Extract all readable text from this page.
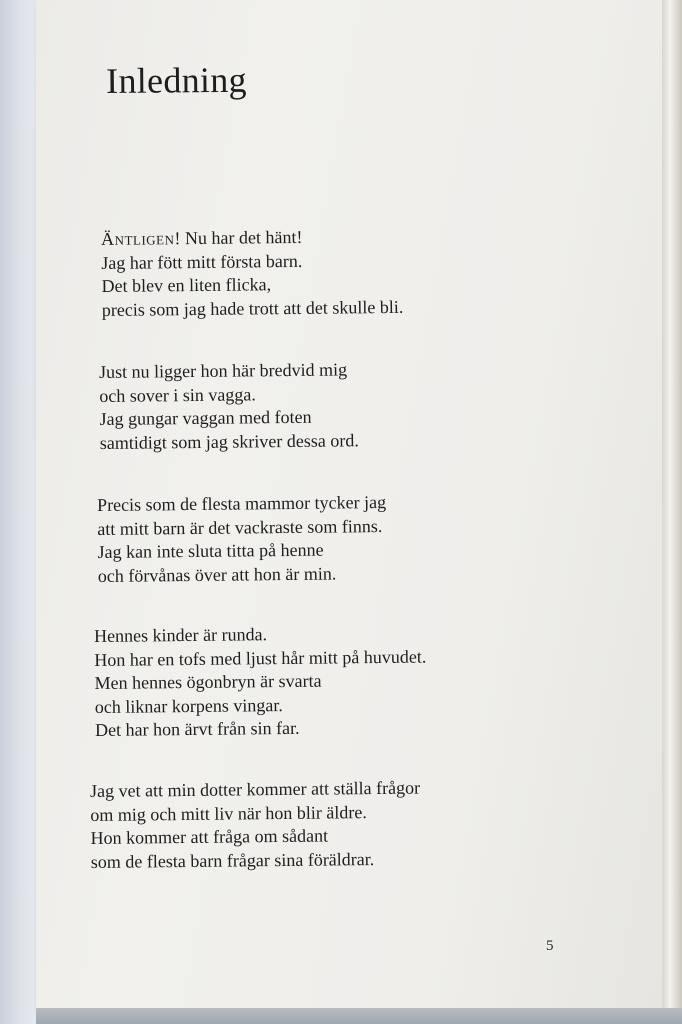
Inledning
Äntligen! Nu har det hänt!
Jag har fött mitt första barn.
Det blev en liten flicka,
precis som jag hade trott att det skulle bli.
Just nu ligger hon här bredvid mig
och sover i sin vagga.
Jag gungar vaggan med foten
samtidigt som jag skriver dessa ord.
Precis som de flesta mammor tycker jag
att mitt barn är det vackraste som finns.
Jag kan inte sluta titta på henne
och förvånas över att hon är min.
Hennes kinder är runda.
Hon har en tofs med ljust hår mitt på huvudet.
Men hennes ögonbryn är svarta
och liknar korpens vingar.
Det har hon ärvt från sin far.
Jag vet att min dotter kommer att ställa frågor
om mig och mitt liv när hon blir äldre.
Hon kommer att fråga om sådant
som de flesta barn frågar sina föräldrar.
5
